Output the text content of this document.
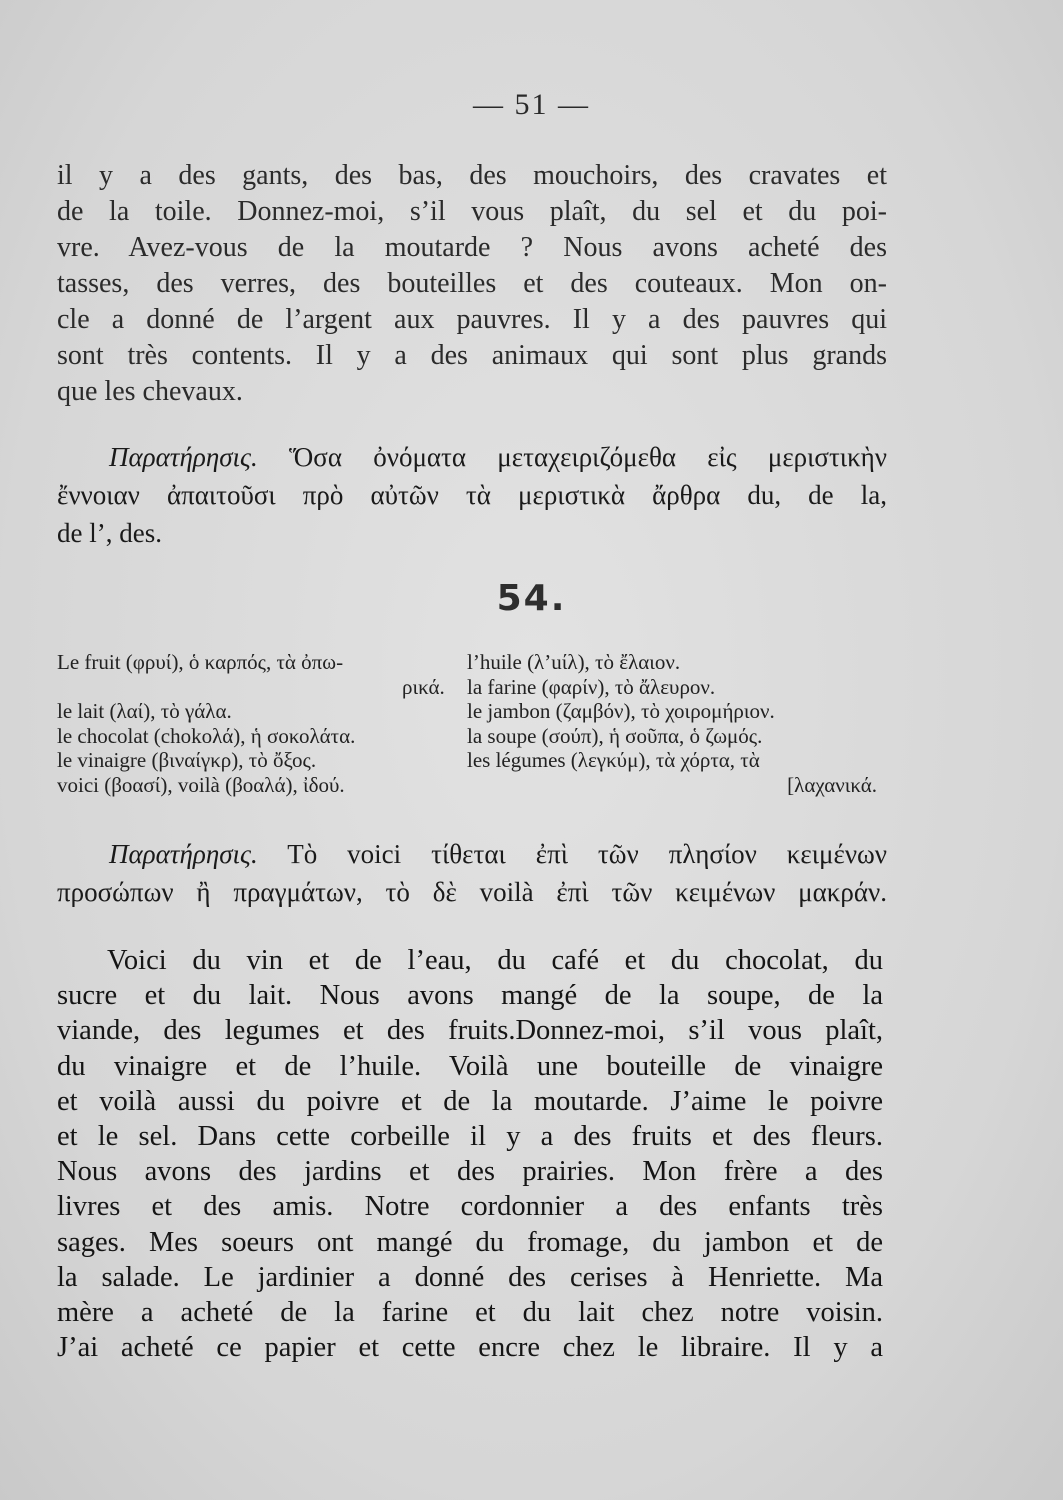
— 51 —
il y a des gants, des bas, des mouchoirs, des cravates et
de la toile. Donnez-moi, s’il vous plaît, du sel et du poi-
vre. Avez-vous de la moutarde ? Nous avons acheté des
tasses, des verres, des bouteilles et des couteaux. Mon on-
cle a donné de l’argent aux pauvres. Il y a des pauvres qui
sont très contents. Il y a des animaux qui sont plus grands
que les chevaux.
Παρατήρησις. Ὅσα ὀνόματα μεταχειριζόμεθα εἰς μεριστικὴν
ἔννοιαν ἀπαιτοῦσι πρὸ αὐτῶν τὰ μεριστικὰ ἄρθρα du, de la,
de l’, des.
54.
Le fruit (φρυί), ὁ καρπός, τὰ ὀπω-
ρικά.
le lait (λαί), τὸ γάλα.
le chocolat (chokoλά), ἡ σοκολάτα.
le vinaigre (βιναίγκρ), τὸ ὄξος.
voici (βοασί), voilà (βοαλά), ἰδού.
l’huile (λ’uίλ), τὸ ἔλαιον.
la farine (φαρίν), τὸ ἄλευρον.
le jambon (ζαμβόν), τὸ χοιρομήριον.
la soupe (σούπ), ἡ σοῦπα, ὁ ζωμός.
les légumes (λεγκύμ), τὰ χόρτα, τὰ
[λαχανικά.
Παρατήρησις. Τὸ voici τίθεται ἐπὶ τῶν πλησίον κειμένων
προσώπων ἢ πραγμάτων, τὸ δὲ voilà ἐπὶ τῶν κειμένων μακράν.
Voici du vin et de l’eau, du café et du chocolat, du
sucre et du lait. Nous avons mangé de la soupe, de la
viande, des legumes et des fruits.Donnez-moi, s’il vous plaît,
du vinaigre et de l’huile. Voilà une bouteille de vinaigre
et voilà aussi du poivre et de la moutarde. J’aime le poivre
et le sel. Dans cette corbeille il y a des fruits et des fleurs.
Nous avons des jardins et des prairies. Mon frère a des
livres et des amis. Notre cordonnier a des enfants très
sages. Mes soeurs ont mangé du fromage, du jambon et de
la salade. Le jardinier a donné des cerises à Henriette. Ma
mère a acheté de la farine et du lait chez notre voisin.
J’ai acheté ce papier et cette encre chez le libraire. Il y a
